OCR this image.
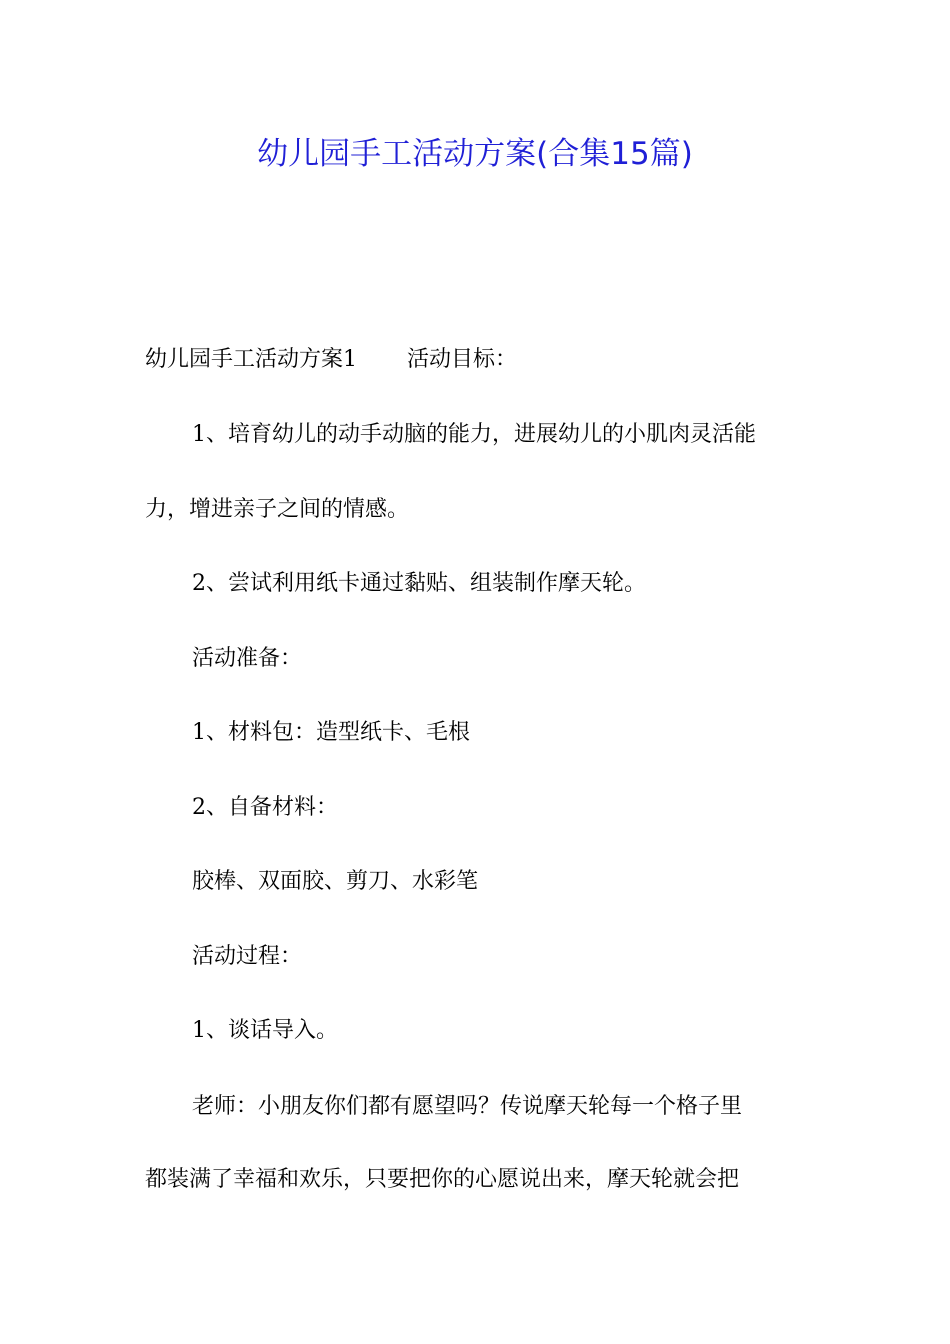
幼儿园手工活动方案(合集15篇)
幼儿园手工活动方案1 活动目标：
1、培育幼儿的动手动脑的能力，进展幼儿的小肌肉灵活能
力，增进亲子之间的情感。
2、尝试利用纸卡通过黏贴、组装制作摩天轮。
活动准备：
1、材料包：造型纸卡、毛根
2、自备材料：
胶棒、双面胶、剪刀、水彩笔
活动过程：
1、谈话导入。
老师：小朋友你们都有愿望吗？传说摩天轮每一个格子里
都装满了幸福和欢乐，只要把你的心愿说出来，摩天轮就会把
